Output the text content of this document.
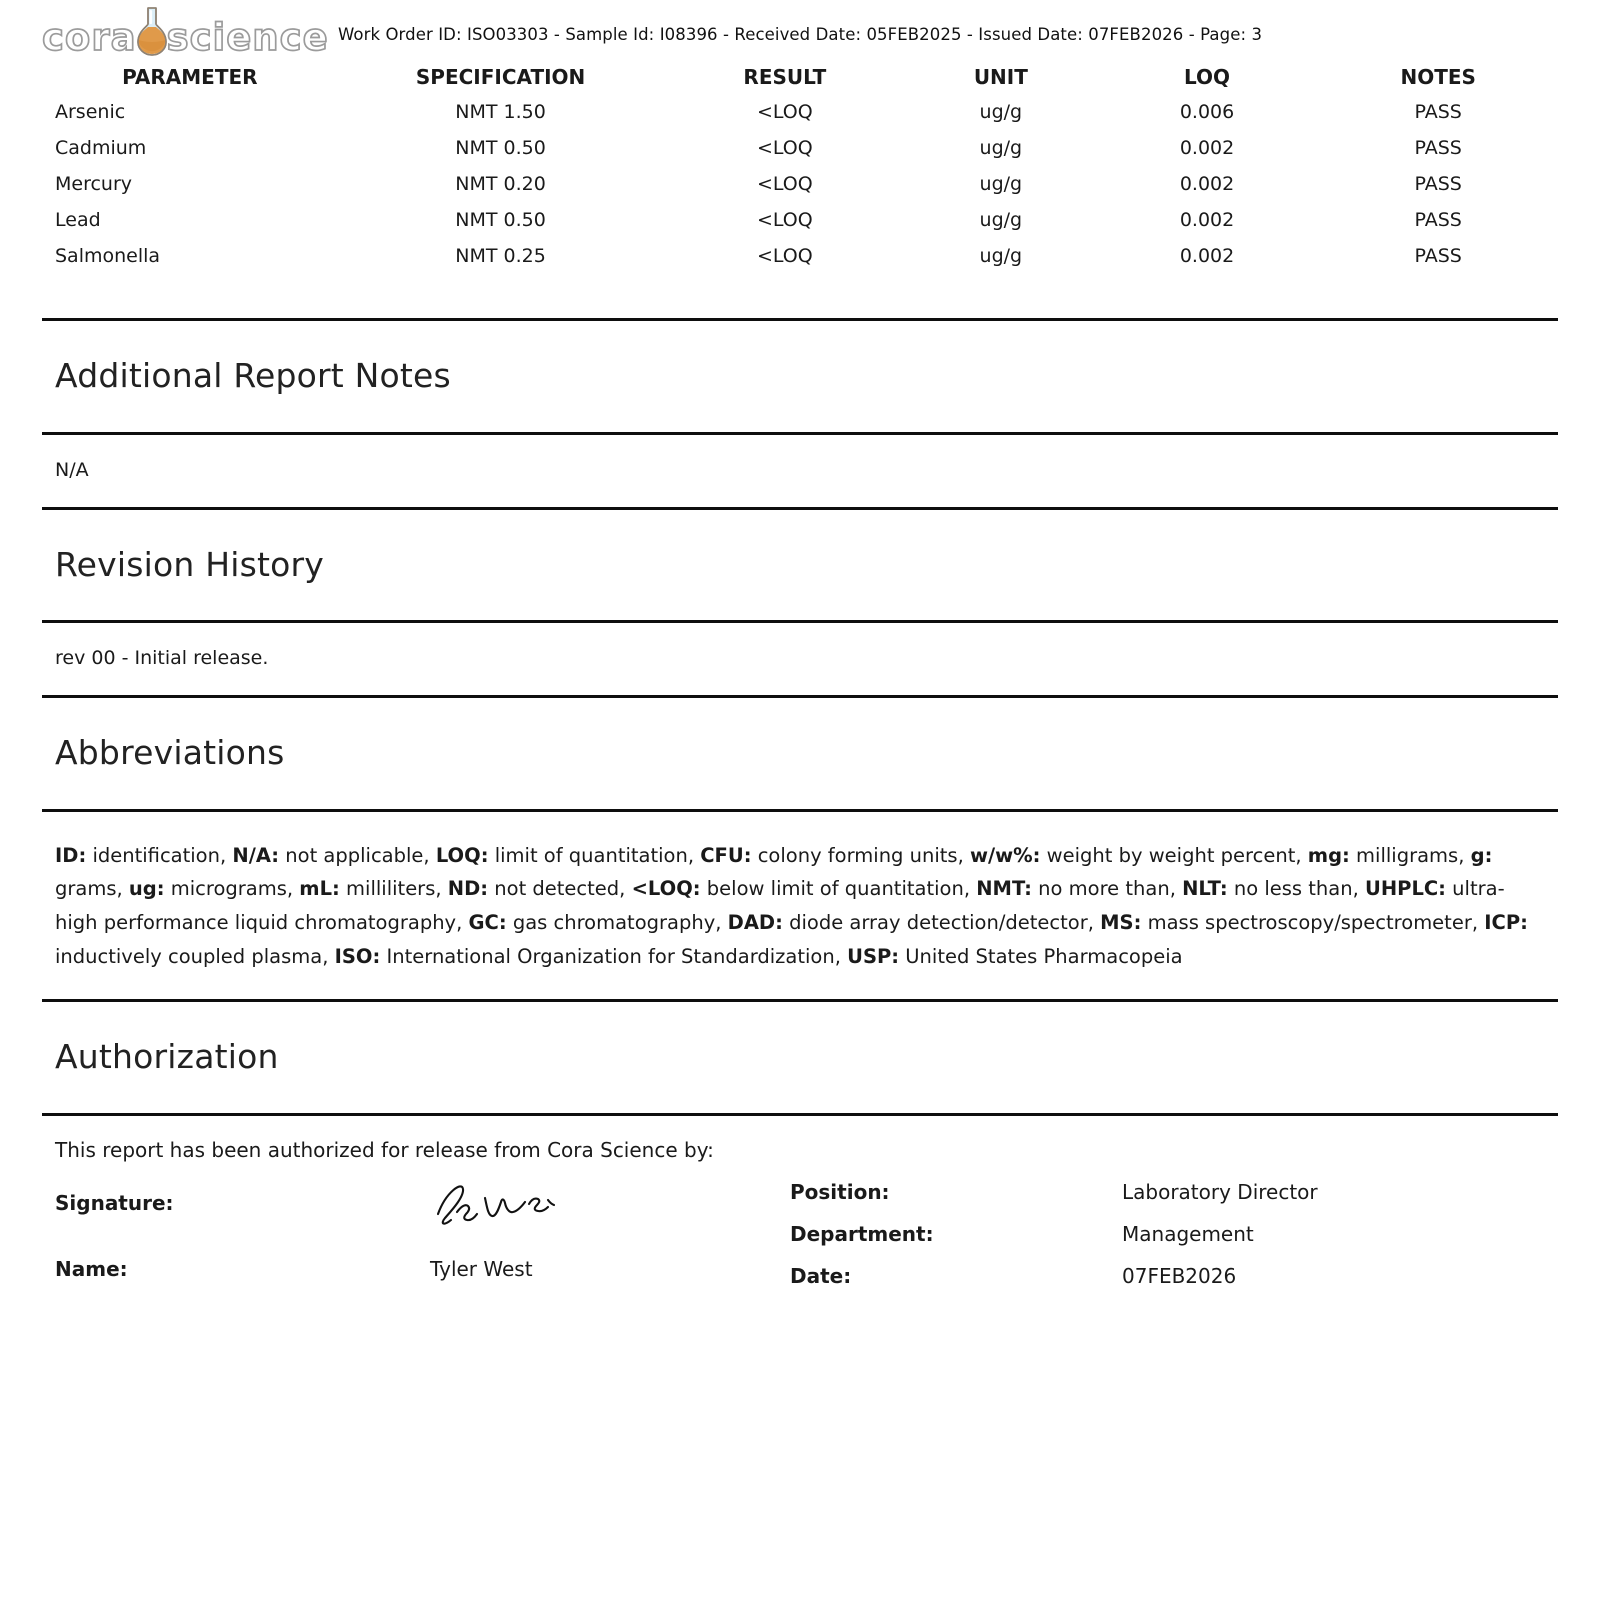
cora science Work Order ID: ISO03303 - Sample Id: I08396 - Received Date: 05FEB2025 - Issued Date: 07FEB2026 - Page: 3
PARAMETER	SPECIFICATION	RESULT	UNIT	LOQ	NOTES
Arsenic	NMT 1.50	<LOQ	ug/g	0.006	PASS
Cadmium	NMT 0.50	<LOQ	ug/g	0.002	PASS
Mercury	NMT 0.20	<LOQ	ug/g	0.002	PASS
Lead	NMT 0.50	<LOQ	ug/g	0.002	PASS
Salmonella	NMT 0.25	<LOQ	ug/g	0.002	PASS
Additional Report Notes
N/A
Revision History
rev 00 - Initial release.
Abbreviations
ID: identification, N/A: not applicable, LOQ: limit of quantitation, CFU: colony forming units, w/w%: weight by weight percent, mg: milligrams, g: grams, ug: micrograms, mL: milliliters, ND: not detected, <LOQ: below limit of quantitation, NMT: no more than, NLT: no less than, UHPLC: ultra-high performance liquid chromatography, GC: gas chromatography, DAD: diode array detection/detector, MS: mass spectroscopy/spectrometer, ICP: inductively coupled plasma, ISO: International Organization for Standardization, USP: United States Pharmacopeia
Authorization
This report has been authorized for release from Cora Science by:
Signature:
Name:	Tyler West
Position:	Laboratory Director
Department:	Management
Date:	07FEB2026
